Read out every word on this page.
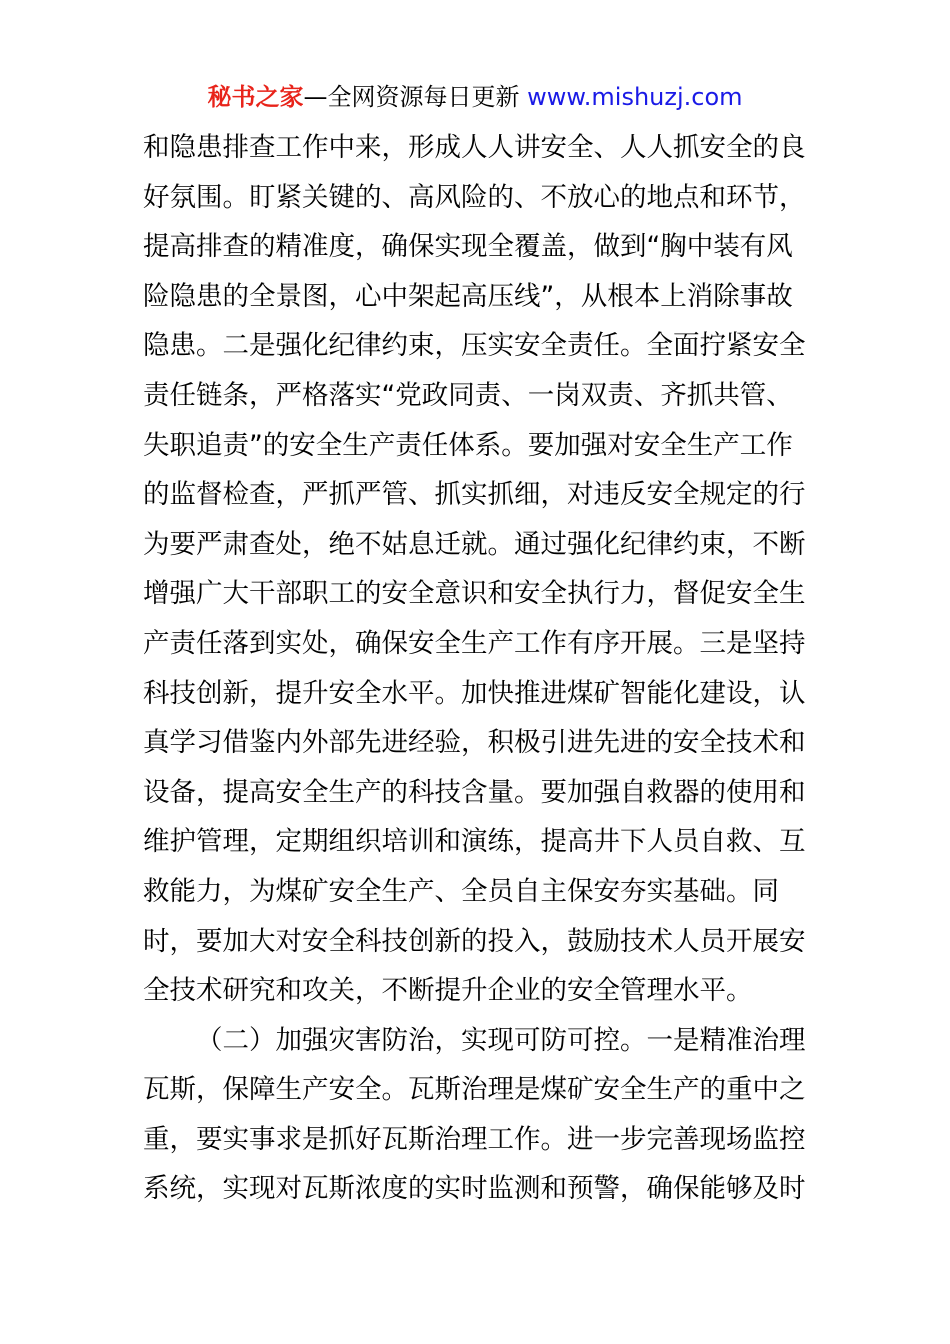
秘书之家—全网资源每日更新 www.mishuzj.com
和隐患排查工作中来，形成人人讲安全、人人抓安全的良
好氛围。盯紧关键的、高风险的、不放心的地点和环节，
提高排查的精准度，确保实现全覆盖，做到“胸中装有风
险隐患的全景图，心中架起高压线”，从根本上消除事故
隐患。二是强化纪律约束，压实安全责任。全面拧紧安全
责任链条，严格落实“党政同责、一岗双责、齐抓共管、
失职追责”的安全生产责任体系。要加强对安全生产工作
的监督检查，严抓严管、抓实抓细，对违反安全规定的行
为要严肃查处，绝不姑息迁就。通过强化纪律约束，不断
增强广大干部职工的安全意识和安全执行力，督促安全生
产责任落到实处，确保安全生产工作有序开展。三是坚持
科技创新，提升安全水平。加快推进煤矿智能化建设，认
真学习借鉴内外部先进经验，积极引进先进的安全技术和
设备，提高安全生产的科技含量。要加强自救器的使用和
维护管理，定期组织培训和演练，提高井下人员自救、互
救能力，为煤矿安全生产、全员自主保安夯实基础。同
时，要加大对安全科技创新的投入，鼓励技术人员开展安
全技术研究和攻关，不断提升企业的安全管理水平。
（二）加强灾害防治，实现可防可控。一是精准治理
瓦斯，保障生产安全。瓦斯治理是煤矿安全生产的重中之
重，要实事求是抓好瓦斯治理工作。进一步完善现场监控
系统，实现对瓦斯浓度的实时监测和预警，确保能够及时
